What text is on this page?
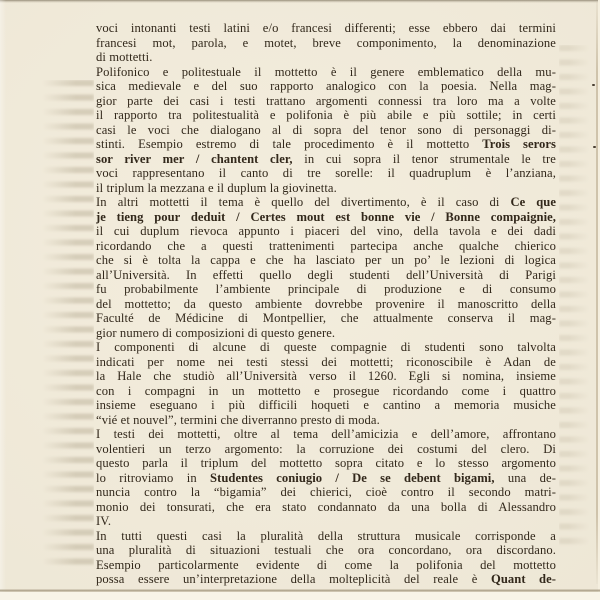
voci intonanti testi latini e/o francesi differenti; esse ebbero dai termini
francesi mot, parola, e motet, breve componimento, la denominazione
di mottetti.
Polifonico e politestuale il mottetto è il genere emblematico della mu-
sica medievale e del suo rapporto analogico con la poesia. Nella mag-
gior parte dei casi i testi trattano argomenti connessi tra loro ma a volte
il rapporto tra politestualità e polifonia è più abile e più sottile; in certi
casi le voci che dialogano al di sopra del tenor sono di personaggi di-
stinti. Esempio estremo di tale procedimento è il mottetto Trois serors
sor river mer / chantent cler, in cui sopra il tenor strumentale le tre
voci rappresentano il canto di tre sorelle: il quadruplum è l’anziana,
il triplum la mezzana e il duplum la giovinetta.
In altri mottetti il tema è quello del divertimento, è il caso di Ce que
je tieng pour deduit / Certes mout est bonne vie / Bonne compaignie,
il cui duplum rievoca appunto i piaceri del vino, della tavola e dei dadi
ricordando che a questi trattenimenti partecipa anche qualche chierico
che si è tolta la cappa e che ha lasciato per un po’ le lezioni di logica
all’Università. In effetti quello degli studenti dell’Università di Parigi
fu probabilmente l’ambiente principale di produzione e di consumo
del mottetto; da questo ambiente dovrebbe provenire il manoscritto della
Faculté de Médicine di Montpellier, che attualmente conserva il mag-
gior numero di composizioni di questo genere.
I componenti di alcune di queste compagnie di studenti sono talvolta
indicati per nome nei testi stessi dei mottetti; riconoscibile è Adan de
la Hale che studiò all’Università verso il 1260. Egli si nomina, insieme
con i compagni in un mottetto e prosegue ricordando come i quattro
insieme eseguano i più difficili hoqueti e cantino a memoria musiche
“vié et nouvel”, termini che diverranno presto di moda.
I testi dei mottetti, oltre al tema dell’amicizia e dell’amore, affrontano
volentieri un terzo argomento: la corruzione dei costumi del clero. Di
questo parla il triplum del mottetto sopra citato e lo stesso argomento
lo ritroviamo in Studentes coniugio / De se debent bigami, una de-
nuncia contro la “bigamia” dei chierici, cioè contro il secondo matri-
monio dei tonsurati, che era stato condannato da una bolla di Alessandro
IV.
In tutti questi casi la pluralità della struttura musicale corrisponde a
una pluralità di situazioni testuali che ora concordano, ora discordano.
Esempio particolarmente evidente di come la polifonia del mottetto
possa essere un’interpretazione della molteplicità del reale è Quant de-
